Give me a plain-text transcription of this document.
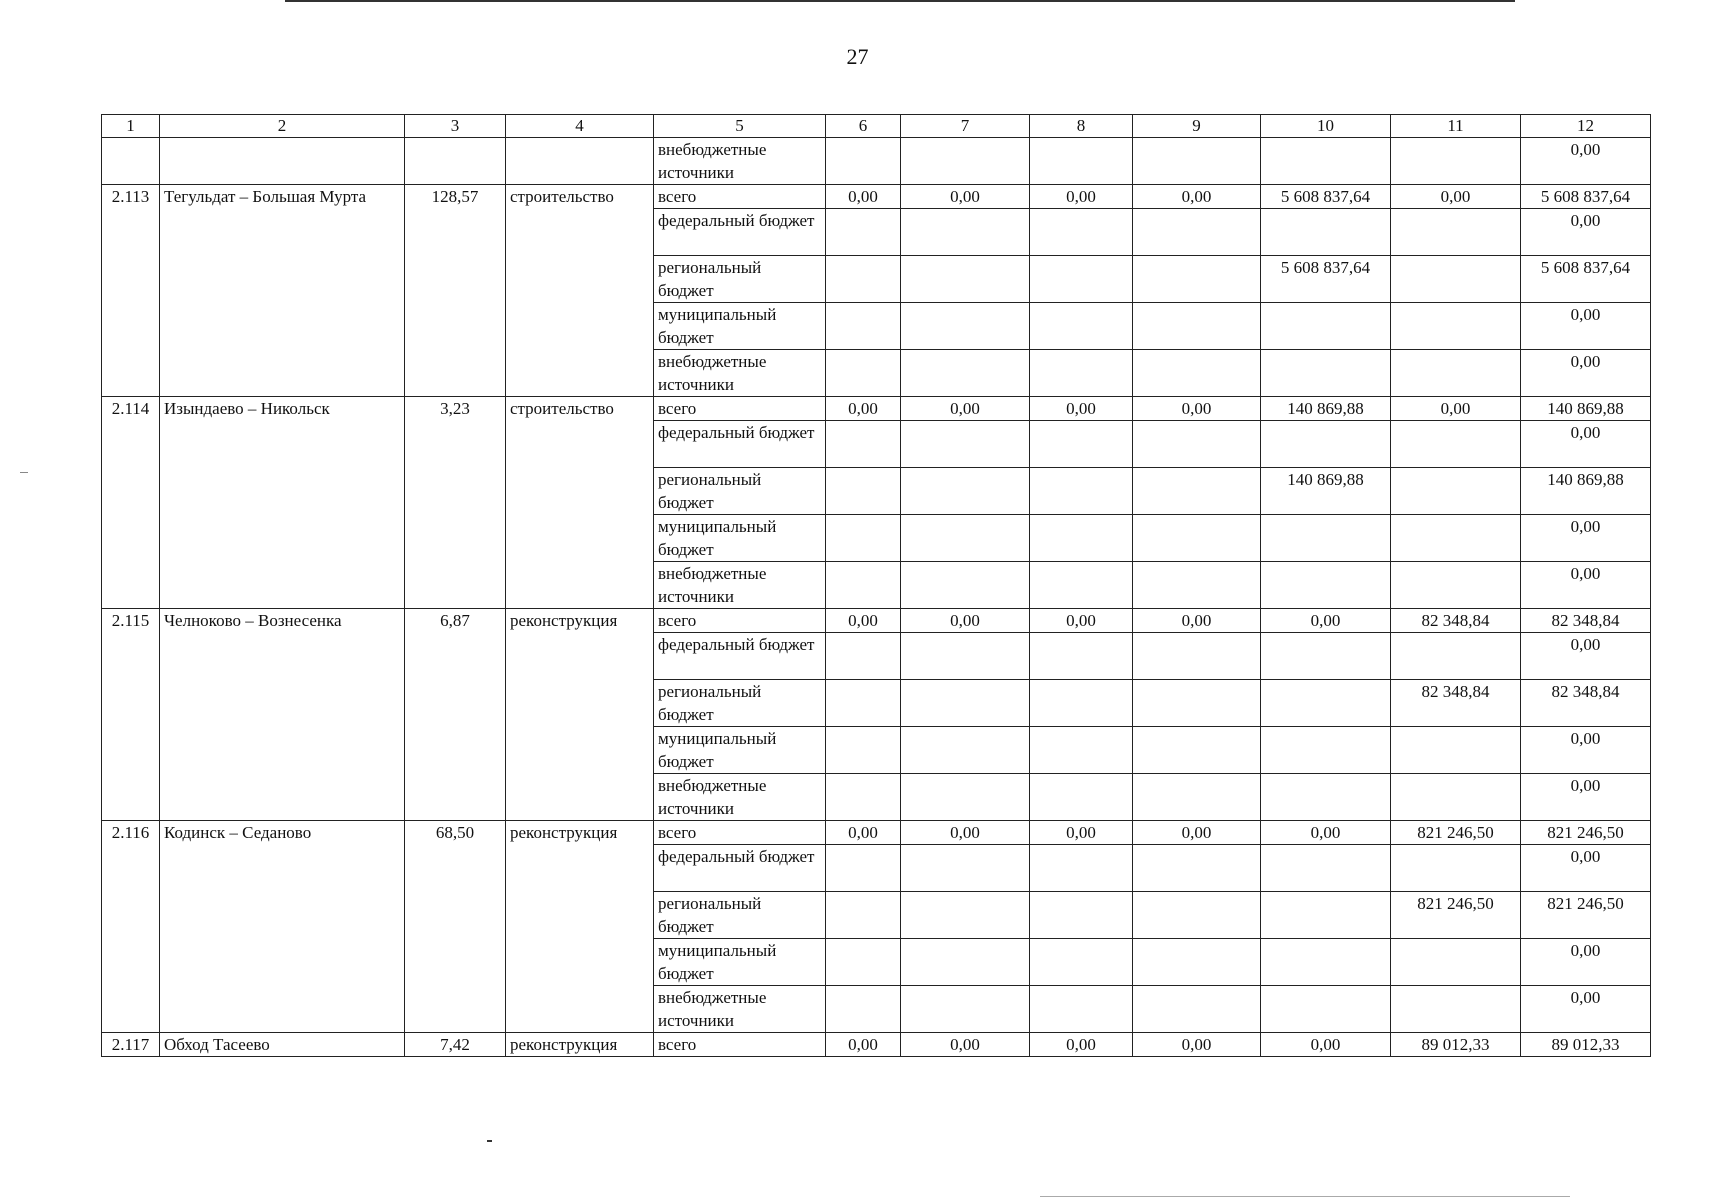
27
1	2	3	4	5	6	7	8	9	10	11	12
				внебюджетные источники							0,00
2.113	Тегульдат – Большая Мурта	128,57	строительство	всего	0,00	0,00	0,00	0,00	5 608 837,64	0,00	5 608 837,64
				федеральный бюджет							0,00
				региональный бюджет					5 608 837,64		5 608 837,64
				муниципальный бюджет							0,00
				внебюджетные источники							0,00
2.114	Изындаево – Никольск	3,23	строительство	всего	0,00	0,00	0,00	0,00	140 869,88	0,00	140 869,88
				федеральный бюджет							0,00
				региональный бюджет					140 869,88		140 869,88
				муниципальный бюджет							0,00
				внебюджетные источники							0,00
2.115	Челноково – Вознесенка	6,87	реконструкция	всего	0,00	0,00	0,00	0,00	0,00	82 348,84	82 348,84
				федеральный бюджет							0,00
				региональный бюджет						82 348,84	82 348,84
				муниципальный бюджет							0,00
				внебюджетные источники							0,00
2.116	Кодинск – Седаново	68,50	реконструкция	всего	0,00	0,00	0,00	0,00	0,00	821 246,50	821 246,50
				федеральный бюджет							0,00
				региональный бюджет						821 246,50	821 246,50
				муниципальный бюджет							0,00
				внебюджетные источники							0,00
2.117	Обход Тасеево	7,42	реконструкция	всего	0,00	0,00	0,00	0,00	0,00	89 012,33	89 012,33
